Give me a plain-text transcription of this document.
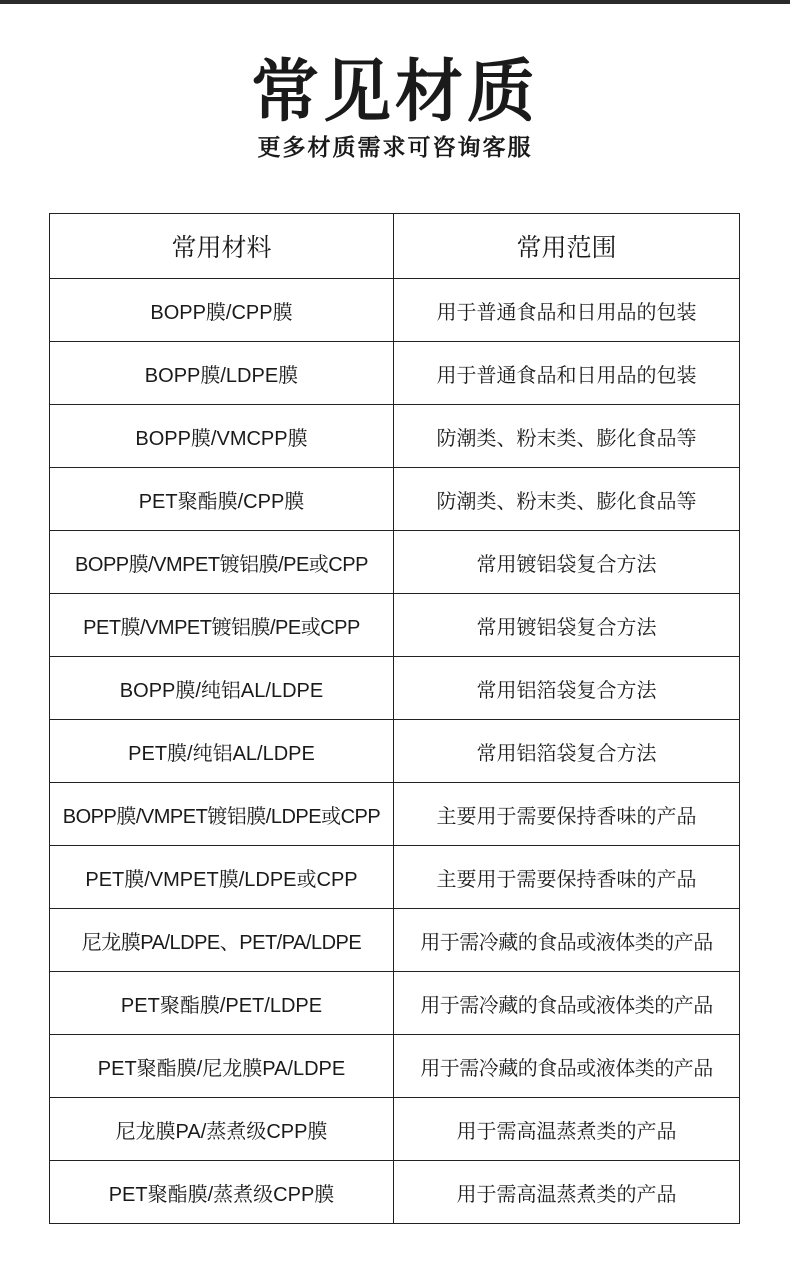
常见材质
更多材质需求可咨询客服
常用材料	常用范围
BOPP膜/CPP膜	用于普通食品和日用品的包装
BOPP膜/LDPE膜	用于普通食品和日用品的包装
BOPP膜/VMCPP膜	防潮类、粉末类、膨化食品等
PET聚酯膜/CPP膜	防潮类、粉末类、膨化食品等
BOPP膜/VMPET镀铝膜/PE或CPP	常用镀铝袋复合方法
PET膜/VMPET镀铝膜/PE或CPP	常用镀铝袋复合方法
BOPP膜/纯铝AL/LDPE	常用铝箔袋复合方法
PET膜/纯铝AL/LDPE	常用铝箔袋复合方法
BOPP膜/VMPET镀铝膜/LDPE或CPP	主要用于需要保持香味的产品
PET膜/VMPET膜/LDPE或CPP	主要用于需要保持香味的产品
尼龙膜PA/LDPE、PET/PA/LDPE	用于需冷藏的食品或液体类的产品
PET聚酯膜/PET/LDPE	用于需冷藏的食品或液体类的产品
PET聚酯膜/尼龙膜PA/LDPE	用于需冷藏的食品或液体类的产品
尼龙膜PA/蒸煮级CPP膜	用于需高温蒸煮类的产品
PET聚酯膜/蒸煮级CPP膜	用于需高温蒸煮类的产品
